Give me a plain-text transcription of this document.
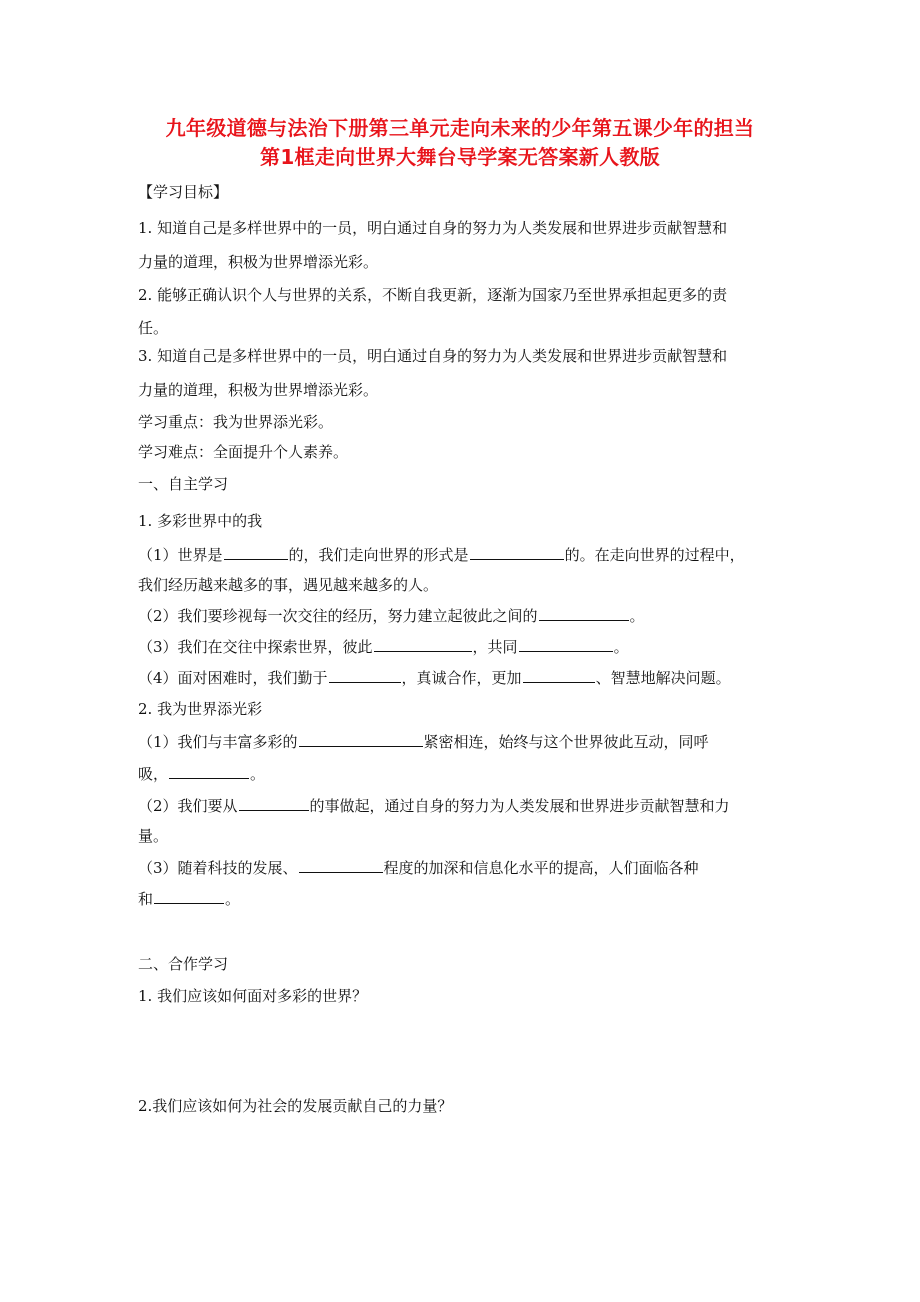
九年级道德与法治下册第三单元走向未来的少年第五课少年的担当
第1框走向世界大舞台导学案无答案新人教版
【学习目标】
1. 知道自己是多样世界中的一员，明白通过自身的努力为人类发展和世界进步贡献智慧和
力量的道理，积极为世界增添光彩。
2. 能够正确认识个人与世界的关系，不断自我更新，逐渐为国家乃至世界承担起更多的责
任。
3. 知道自己是多样世界中的一员，明白通过自身的努力为人类发展和世界进步贡献智慧和
力量的道理，积极为世界增添光彩。
学习重点：我为世界添光彩。
学习难点：全面提升个人素养。
一、自主学习
1. 多彩世界中的我
（1）世界是	的，我们走向世界的形式是	的。在走向世界的过程中，
我们经历越来越多的事，遇见越来越多的人。
（2）我们要珍视每一次交往的经历，努力建立起彼此之间的	。
（3）我们在交往中探索世界，彼此	，共同	。
（4）面对困难时，我们勤于	，真诚合作，更加	、智慧地解决问题。
2. 我为世界添光彩
（1）我们与丰富多彩的	紧密相连，始终与这个世界彼此互动，同呼
吸，	。
（2）我们要从	的事做起，通过自身的努力为人类发展和世界进步贡献智慧和力
量。
（3）随着科技的发展、	程度的加深和信息化水平的提高，人们面临各种
和	。
二、合作学习
1. 我们应该如何面对多彩的世界？
2.我们应该如何为社会的发展贡献自己的力量？
